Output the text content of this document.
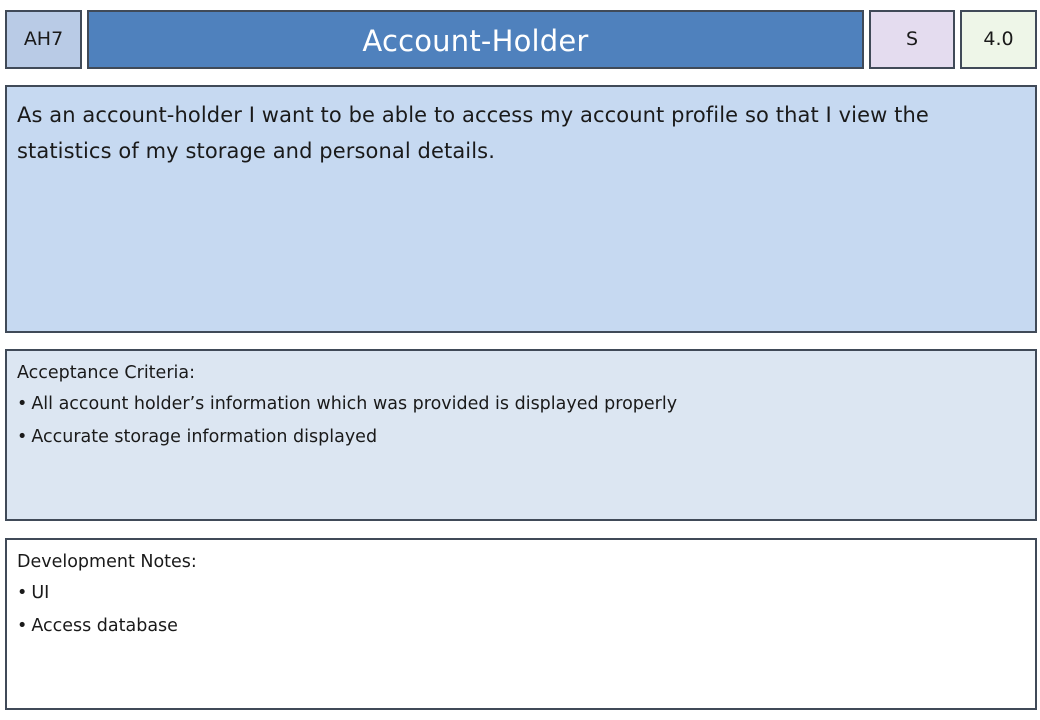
AH7	Account-Holder	S	4.0
As an account-holder I want to be able to access my account profile so that I view the statistics of my storage and personal details.
Acceptance Criteria:
• All account holder’s information which was provided is displayed properly
• Accurate storage information displayed
Development Notes:
• UI
• Access database
